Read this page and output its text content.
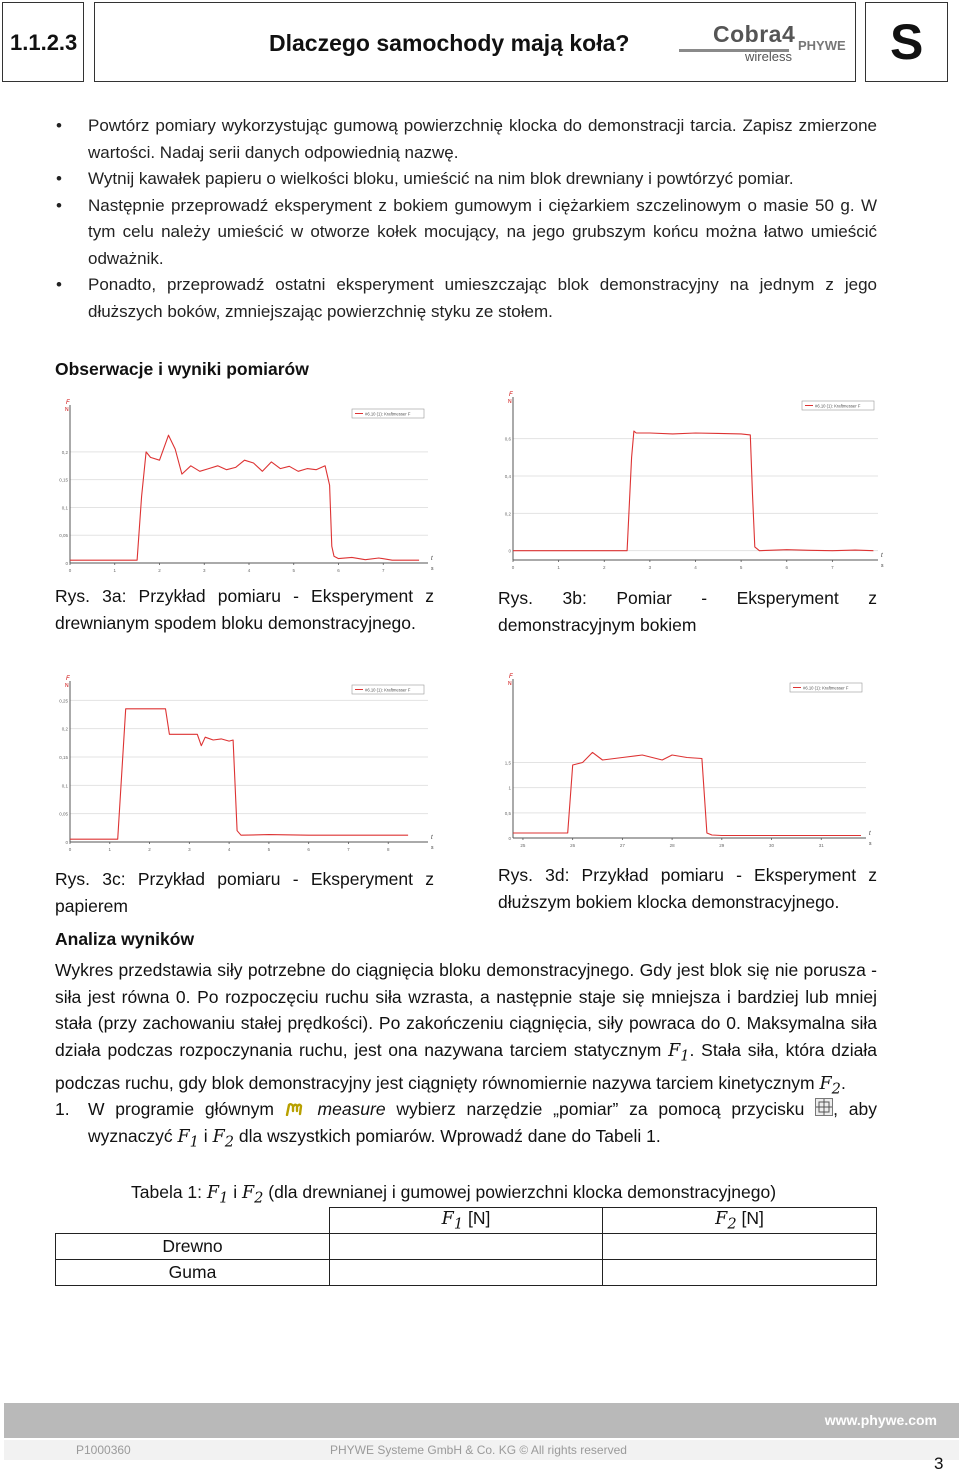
1.1.2.3	Dlaczego samochody mają koła?	Cobra4
wireless
PHYWE S
• Powtórz pomiary wykorzystując gumową powierzchnię klocka do demonstracji tarcia. Zapisz zmierzone wartości. Nadaj serii danych odpowiednią nazwę.
• Wytnij kawałek papieru o wielkości bloku, umieścić na nim blok drewniany i powtórzyć pomiar.
• Następnie przeprowadź eksperyment z bokiem gumowym i ciężarkiem szczelinowym o masie 50 g. W tym celu należy umieścić w otworze kołek mocujący, na jego grubszym końcu można łatwo umieścić odważnik.
• Ponadto, przeprowadź ostatni eksperyment umieszczając blok demonstracyjny na jednym z jego dłuższych boków, zmniejszając powierzchnię styku ze stołem.
Obserwacje i wyniki pomiarów
F
N
t
s
0
0,05
0,1
0,15
0,2
0	1	2	3	4	5	6	7
#6.10 (1): Kraftmesser F
F
N
t
s
0
0,2
0,4
0,6
0	1	2	3	4	5	6	7
#6.10 (1): Kraftmesser F
F
N
t
s
0
0,05
0,1
0,15
0,2
0,25
0	1	2	3	4	5	6	7	8
#6.10 (1): Kraftmesser F
F
N
t
s
0
0,5
1
1,5
25	26	27	28	29	30	31
#6.10 (1): Kraftmesser F
Rys. 3a: Przykład pomiaru - Eksperyment z drewnianym spodem bloku demonstracyjnego.
Rys. 3b: Pomiar - Eksperyment z demonstracyjnym bokiem
Rys. 3c: Przykład pomiaru - Eksperyment z papierem
Rys. 3d: Przykład pomiaru - Eksperyment z dłuższym bokiem klocka demonstracyjnego.
Analiza wyników
Wykres przedstawia siły potrzebne do ciągnięcia bloku demonstracyjnego. Gdy jest blok się nie porusza - siła jest równa 0. Po rozpoczęciu ruchu siła wzrasta, a następnie staje się mniejsza i bardziej lub mniej stała (przy zachowaniu stałej prędkości). Po zakończeniu ciągnięcia, siły powraca do 0. Maksymalna siła działa podczas rozpoczynania ruchu, jest ona nazywana tarciem statycznym $F_1$. Stała siła, która działa podczas ruchu, gdy blok demonstracyjny jest ciągnięty równomiernie nazywa tarciem kinetycznym $F_2$.
1.	W programie głównym measure wybierz narzędzie „pomiar” za pomocą przycisku , aby wyznaczyć $F_1$ i $F_2$ dla wszystkich pomiarów. Wprowadź dane do Tabeli 1.
Tabela 1: $F_1$ i $F_2$ (dla drewnianej i gumowej powierzchni klocka demonstracyjnego)
	$F_1$ [N]	$F_2$ [N]
Drewno		
Guma		
www.phywe.com
P1000360	PHYWE Systeme GmbH & Co. KG © All rights reserved
3
